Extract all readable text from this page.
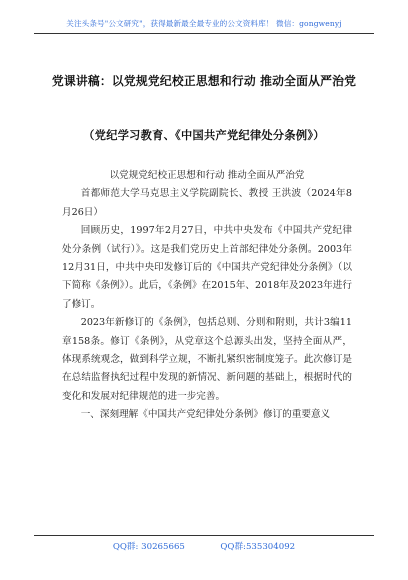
关注头条号"公文研究"，获得最新最全最专业的公文资料库！ 微信：gongwenyj
党课讲稿：以党规党纪校正思想和行动 推动全面从严治党
（党纪学习教育、《中国共产党纪律处分条例》）
以党规党纪校正思想和行动 推动全面从严治党

首都师范大学马克思主义学院副院长、教授 王洪波（2024年8月26日）

回顾历史，1997年2月27日，中共中央发布《中国共产党纪律处分条例（试行）》。这是我们党历史上首部纪律处分条例。2003年12月31日，中共中央印发修订后的《中国共产党纪律处分条例》（以下简称《条例》）。此后，《条例》在2015年、2018年及2023年进行了修订。

2023年新修订的《条例》，包括总则、分则和附则，共计3编11章158条。修订《条例》，从党章这个总源头出发，坚持全面从严，体现系统观念，做到科学立规，不断扎紧织密制度笼子。此次修订是在总结监督执纪过程中发现的新情况、新问题的基础上，根据时代的变化和发展对纪律规范的进一步完善。

一、深刻理解《中国共产党纪律处分条例》修订的重要意义

QQ群: 30265665	QQ群:535304092
